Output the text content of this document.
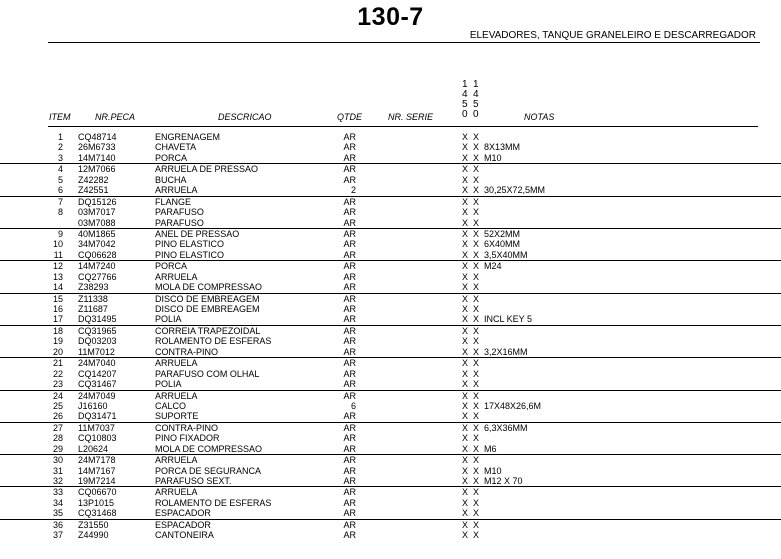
130-7
ELEVADORES, TANQUE GRANELEIRO E DESCARREGADOR
1
4
5
0
1
4
5
0
ITEM	NR.PECA	DESCRICAO	QTDE	NR. SERIE	NOTAS
1 CQ48714	ENGRENAGEM	AR	X X
2 26M6733	CHAVETA	AR	X X 8X13MM
3 14M7140	PORCA	AR	X X M10
4 12M7066	ARRUELA DE PRESSAO	AR	X X
5 Z42282	BUCHA	AR	X X
6 Z42551	ARRUELA	2	X X 30,25X72,5MM
7 DQ15126	FLANGE	AR	X X
8 03M7017	PARAFUSO	AR	X X
03M7088	PARAFUSO	AR	X X
9 40M1865	ANEL DE PRESSAO	AR	X X 52X2MM
10 34M7042	PINO ELASTICO	AR	X X 6X40MM
11 CQ06628	PINO ELASTICO	AR	X X 3,5X40MM
12 14M7240	PORCA	AR	X X M24
13 CQ27766	ARRUELA	AR	X X
14 Z38293	MOLA DE COMPRESSAO	AR	X X
15 Z11338	DISCO DE EMBREAGEM	AR	X X
16 Z11687	DISCO DE EMBREAGEM	AR	X X
17 DQ31495	POLIA	AR	X X INCL KEY 5
18 CQ31965	CORREIA TRAPEZOIDAL	AR	X X
19 DQ03203	ROLAMENTO DE ESFERAS	AR	X X
20 11M7012	CONTRA-PINO	AR	X X 3,2X16MM
21 24M7040	ARRUELA	AR	X X
22 CQ14207	PARAFUSO COM OLHAL	AR	X X
23 CQ31467	POLIA	AR	X X
24 24M7049	ARRUELA	AR	X X
25 J16160	CALCO	6	X X 17X48X26,6M
26 DQ31471	SUPORTE	AR	X X
27 11M7037	CONTRA-PINO	AR	X X 6,3X36MM
28 CQ10803	PINO FIXADOR	AR	X X
29 L20624	MOLA DE COMPRESSAO	AR	X X M6
30 24M7178	ARRUELA	AR	X X
31 14M7167	PORCA DE SEGURANCA	AR	X X M10
32 19M7214	PARAFUSO SEXT.	AR	X X M12 X 70
33 CQ06670	ARRUELA	AR	X X
34 13P1015	ROLAMENTO DE ESFERAS	AR	X X
35 CQ31468	ESPACADOR	AR	X X
36 Z31550	ESPACADOR	AR	X X
37 Z44990	CANTONEIRA	AR	X X
